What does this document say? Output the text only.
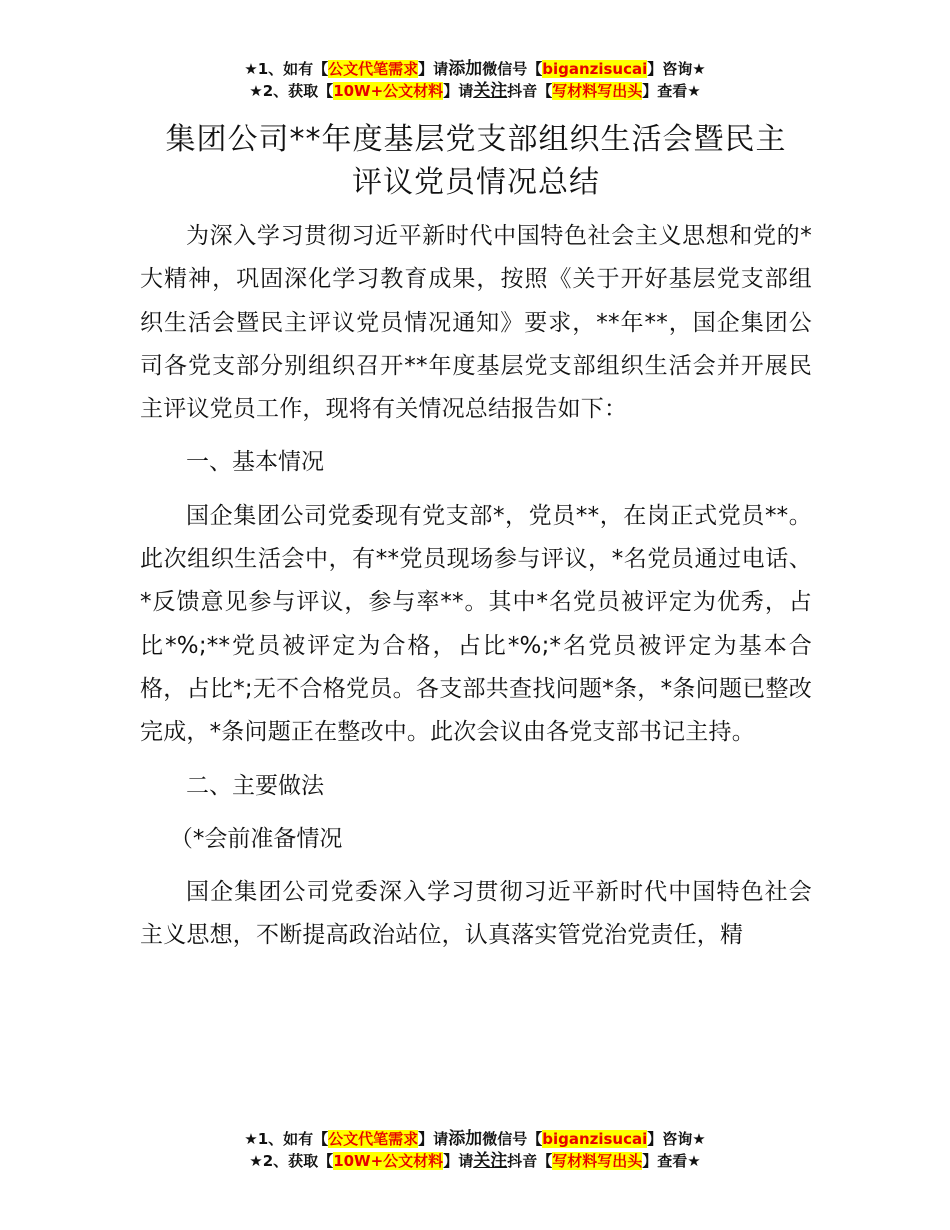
★1、如有【公文代笔需求】请添加微信号【biganzisucai】咨询★
★2、获取【10W+公文材料】请关注抖音【写材料写出头】查看★
集团公司**年度基层党支部组织生活会暨民主
评议党员情况总结

为深入学习贯彻习近平新时代中国特色社会主义思想和党的*大精神，巩固深化学习教育成果，按照《关于开好基层党支部组织生活会暨民主评议党员情况通知》要求，**年**，国企集团公司各党支部分别组织召开**年度基层党支部组织生活会并开展民主评议党员工作，现将有关情况总结报告如下：

一、基本情况

国企集团公司党委现有党支部*，党员**，在岗正式党员**。此次组织生活会中，有**党员现场参与评议，*名党员通过电话、*反馈意见参与评议，参与率**。其中*名党员被评定为优秀，占比*%;**党员被评定为合格，占比*%;*名党员被评定为基本合格，占比*;无不合格党员。各支部共查找问题*条，*条问题已整改完成，*条问题正在整改中。此次会议由各党支部书记主持。

二、主要做法

（*会前准备情况

国企集团公司党委深入学习贯彻习近平新时代中国特色社会主义思想，不断提高政治站位，认真落实管党治党责任，精

★1、如有【公文代笔需求】请添加微信号【biganzisucai】咨询★
★2、获取【10W+公文材料】请关注抖音【写材料写出头】查看★
